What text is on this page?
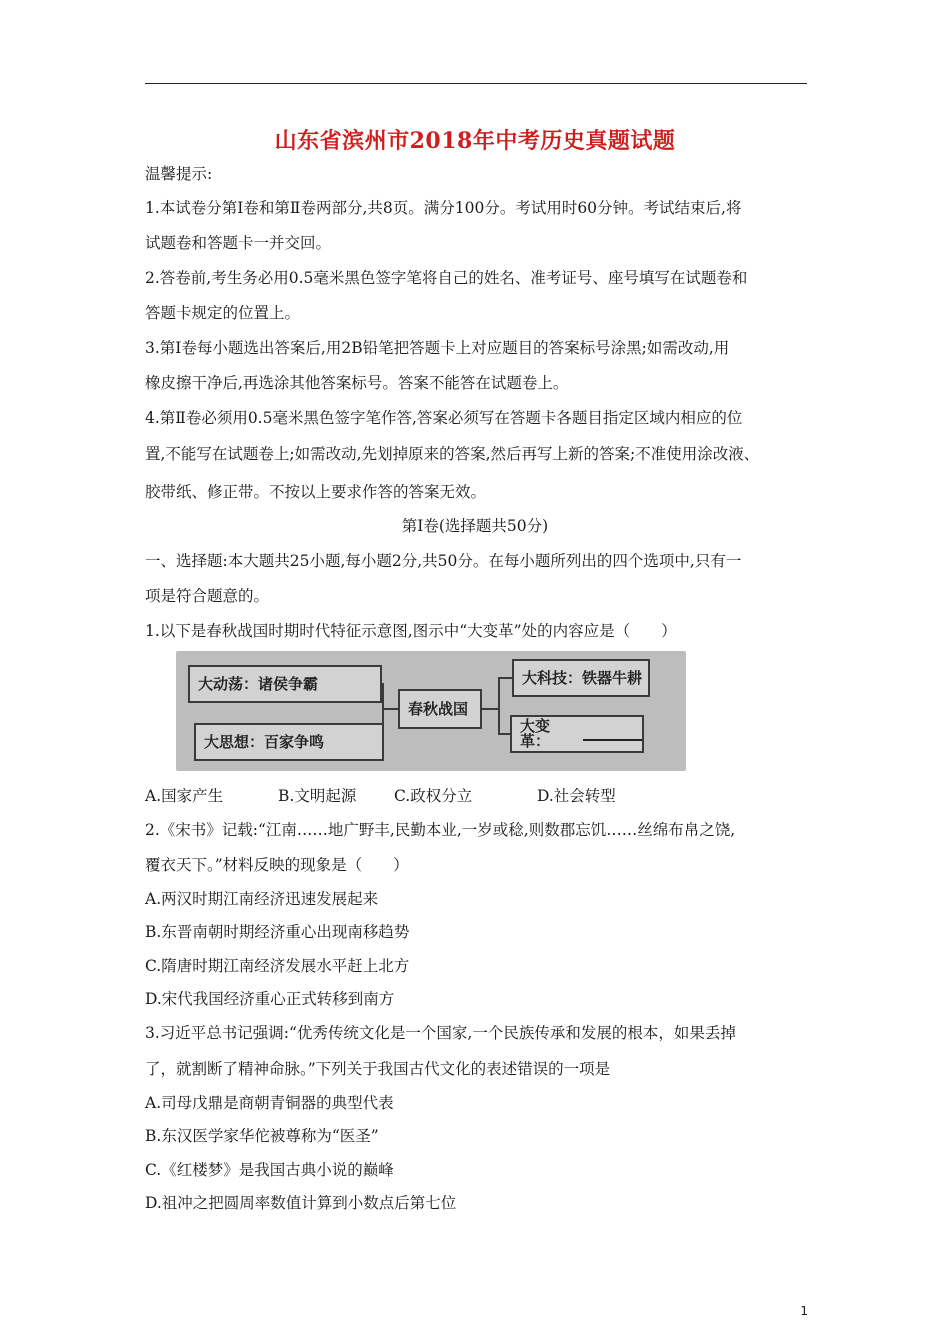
山东省滨州市2018年中考历史真题试题
温馨提示:
1.本试卷分第Ⅰ卷和第Ⅱ卷两部分,共8页。满分100分。考试用时60分钟。考试结束后,将
试题卷和答题卡一并交回。
2.答卷前,考生务必用0.5毫米黑色签字笔将自己的姓名、准考证号、座号填写在试题卷和
答题卡规定的位置上。
3.第Ⅰ卷每小题选出答案后,用2B铅笔把答题卡上对应题目的答案标号涂黑;如需改动,用
橡皮擦干净后,再选涂其他答案标号。答案不能答在试题卷上。
4.第Ⅱ卷必须用0.5毫米黑色签字笔作答,答案必须写在答题卡各题目指定区域内相应的位
置,不能写在试题卷上;如需改动,先划掉原来的答案,然后再写上新的答案;不准使用涂改液、
胶带纸、修正带。不按以上要求作答的答案无效。
第Ⅰ卷(选择题共50分)
一、选择题:本大题共25小题,每小题2分,共50分。在每小题所列出的四个选项中,只有一
项是符合题意的。
1.以下是春秋战国时期时代特征示意图,图示中“大变革”处的内容应是（　　）
大动荡：诸侯争霸
大思想：百家争鸣
春秋战国
大科技：铁器牛耕
大变革：
A.国家产生	B.文明起源 C.政权分立	D.社会转型
2.《宋书》记载:“江南……地广野丰,民勤本业,一岁或稔,则数郡忘饥……丝绵布帛之饶,
覆衣天下。”材料反映的现象是（　　）
A.两汉时期江南经济迅速发展起来
B.东晋南朝时期经济重心出现南移趋势
C.隋唐时期江南经济发展水平赶上北方
D.宋代我国经济重心正式转移到南方
3.习近平总书记强调:“优秀传统文化是一个国家,一个民族传承和发展的根本，如果丢掉
了，就割断了精神命脉。”下列关于我国古代文化的表述错误的一项是
A.司母戊鼎是商朝青铜器的典型代表
B.东汉医学家华佗被尊称为“医圣”
C.《红楼梦》是我国古典小说的巅峰
D.祖冲之把圆周率数值计算到小数点后第七位
1
